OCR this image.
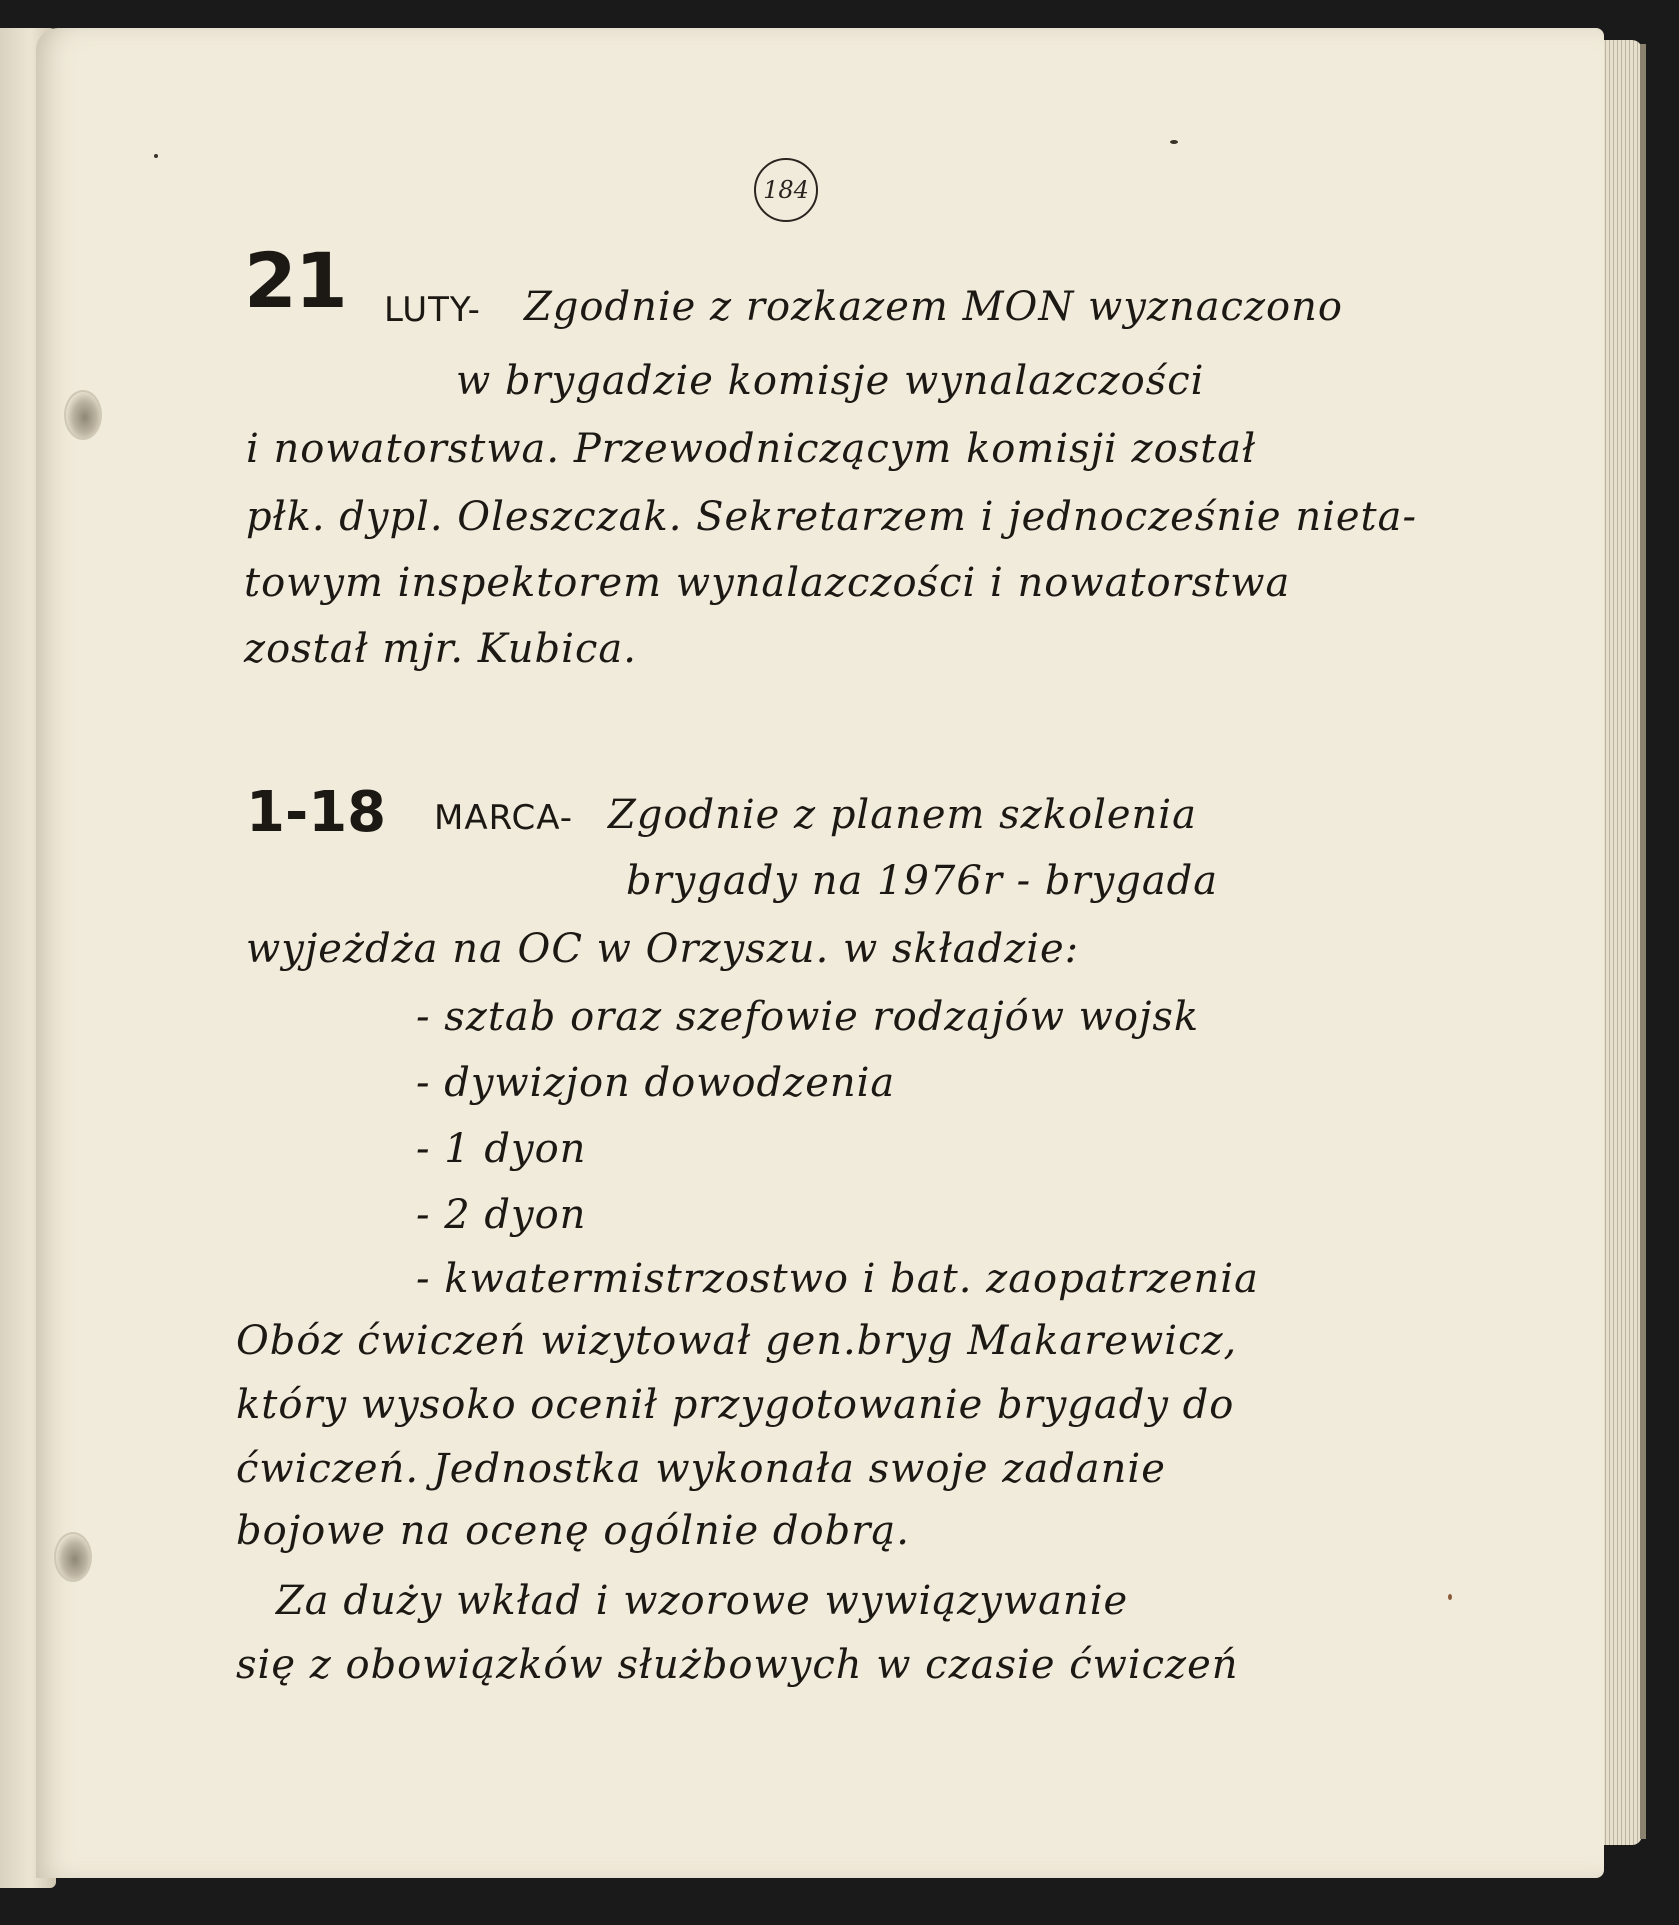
184
21 LUTY- Zgodnie z rozkazem MON wyznaczono
w brygadzie komisje wynalazczości
i nowatorstwa. Przewodniczącym komisji został
płk. dypl. Oleszczak. Sekretarzem i jednocześnie nieta-
towym inspektorem wynalazczości i nowatorstwa
został mjr. Kubica.
1-18 MARCA- Zgodnie z planem szkolenia
brygady na 1976r - brygada
wyjeżdża na OC w Orzyszu. w składzie:
- sztab oraz szefowie rodzajów wojsk
- dywizjon dowodzenia
- 1 dyon
- 2 dyon
- kwatermistrzostwo i bat. zaopatrzenia
Obóz ćwiczeń wizytował gen.bryg Makarewicz,
który wysoko ocenił przygotowanie brygady do
ćwiczeń. Jednostka wykonała swoje zadanie
bojowe na ocenę ogólnie dobrą.
Za duży wkład i wzorowe wywiązywanie
się z obowiązków służbowych w czasie ćwiczeń
